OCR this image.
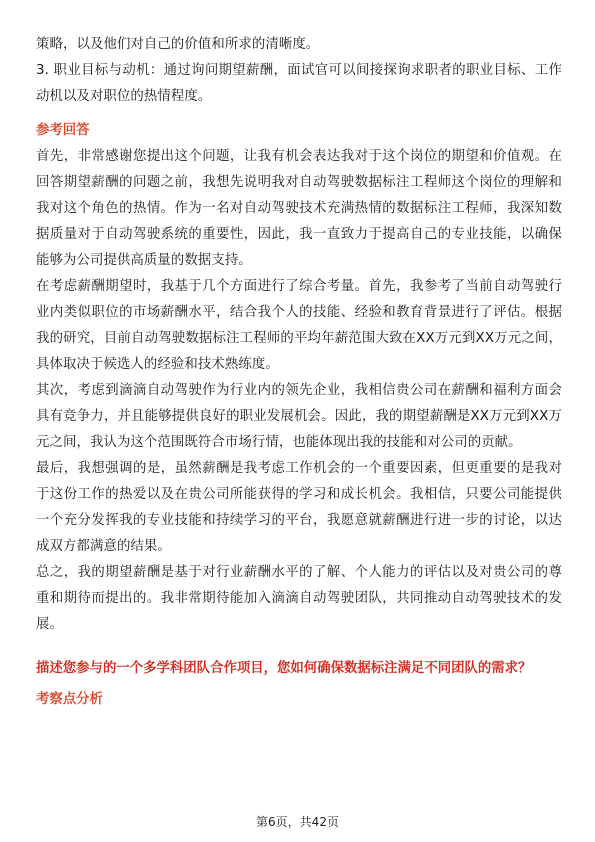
策略，以及他们对自己的价值和所求的清晰度。

3. 职业目标与动机：通过询问期望薪酬，面试官可以间接探询求职者的职业目标、工作动机以及对职位的热情程度。

参考回答

首先，非常感谢您提出这个问题，让我有机会表达我对于这个岗位的期望和价值观。在回答期望薪酬的问题之前，我想先说明我对自动驾驶数据标注工程师这个岗位的理解和我对这个角色的热情。作为一名对自动驾驶技术充满热情的数据标注工程师，我深知数据质量对于自动驾驶系统的重要性，因此，我一直致力于提高自己的专业技能，以确保能够为公司提供高质量的数据支持。

在考虑薪酬期望时，我基于几个方面进行了综合考量。首先，我参考了当前自动驾驶行业内类似职位的市场薪酬水平，结合我个人的技能、经验和教育背景进行了评估。根据我的研究，目前自动驾驶数据标注工程师的平均年薪范围大致在XX万元到XX万元之间，具体取决于候选人的经验和技术熟练度。

其次，考虑到滴滴自动驾驶作为行业内的领先企业，我相信贵公司在薪酬和福利方面会具有竞争力，并且能够提供良好的职业发展机会。因此，我的期望薪酬是XX万元到XX万元之间，我认为这个范围既符合市场行情，也能体现出我的技能和对公司的贡献。

最后，我想强调的是，虽然薪酬是我考虑工作机会的一个重要因素，但更重要的是我对于这份工作的热爱以及在贵公司所能获得的学习和成长机会。我相信，只要公司能提供一个充分发挥我的专业技能和持续学习的平台，我愿意就薪酬进行进一步的讨论，以达成双方都满意的结果。

总之，我的期望薪酬是基于对行业薪酬水平的了解、个人能力的评估以及对贵公司的尊重和期待而提出的。我非常期待能加入滴滴自动驾驶团队，共同推动自动驾驶技术的发展。

描述您参与的一个多学科团队合作项目，您如何确保数据标注满足不同团队的需求？

考察点分析

第6页，共42页
